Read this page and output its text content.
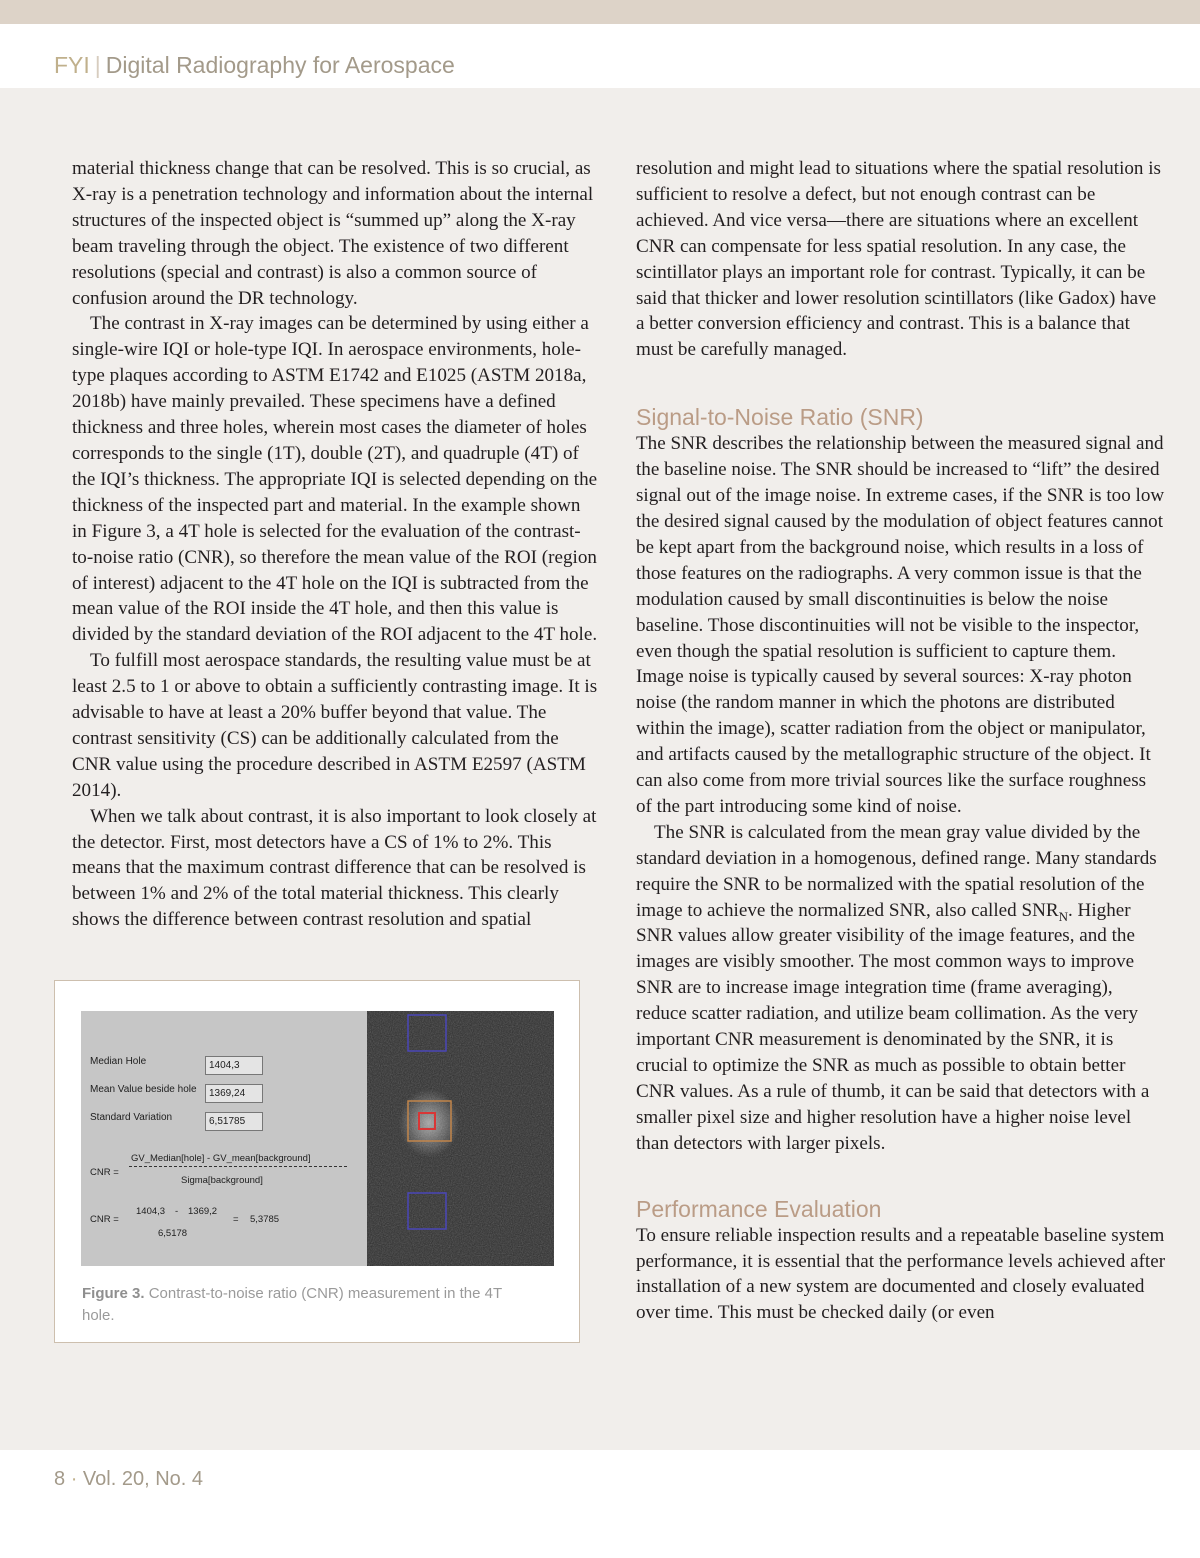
FYI | Digital Radiography for Aerospace

material thickness change that can be resolved. This is so crucial, as X-ray is a penetration technology and information about the internal structures of the inspected object is “summed up” along the X-ray beam traveling through the object. The existence of two different resolutions (special and contrast) is also a common source of confusion around the DR technology.

The contrast in X-ray images can be determined by using either a single-wire IQI or hole-type IQI. In aerospace environments, hole-type plaques according to ASTM E1742 and E1025 (ASTM 2018a, 2018b) have mainly prevailed. These specimens have a defined thickness and three holes, wherein most cases the diameter of holes corresponds to the single (1T), double (2T), and quadruple (4T) of the IQI’s thickness. The appropriate IQI is selected depending on the thickness of the inspected part and material. In the example shown in Figure 3, a 4T hole is selected for the evaluation of the contrast-to-noise ratio (CNR), so therefore the mean value of the ROI (region of interest) adjacent to the 4T hole on the IQI is subtracted from the mean value of the ROI inside the 4T hole, and then this value is divided by the standard deviation of the ROI adjacent to the 4T hole.

To fulfill most aerospace standards, the resulting value must be at least 2.5 to 1 or above to obtain a sufficiently contrasting image. It is advisable to have at least a 20% buffer beyond that value. The contrast sensitivity (CS) can be additionally calculated from the CNR value using the procedure described in ASTM E2597 (ASTM 2014).

When we talk about contrast, it is also important to look closely at the detector. First, most detectors have a CS of 1% to 2%. This means that the maximum contrast difference that can be resolved is between 1% and 2% of the total material thickness. This clearly shows the difference between contrast resolution and spatial

Median Hole	1404,3
Mean Value beside hole	1369,24
Standard Variation	6,51785
GV_Median[hole] - GV_mean[background]
CNR =
Sigma[background]
CNR =
1404,3 - 1369,2
6,5178
= 5,3785
Figure 3. Contrast-to-noise ratio (CNR) measurement in the 4T hole.

resolution and might lead to situations where the spatial resolution is sufficient to resolve a defect, but not enough contrast can be achieved. And vice versa—there are situations where an excellent CNR can compensate for less spatial resolution. In any case, the scintillator plays an important role for contrast. Typically, it can be said that thicker and lower resolution scintillators (like Gadox) have a better conversion efficiency and contrast. This is a balance that must be carefully managed.

Signal-to-Noise Ratio (SNR)

The SNR describes the relationship between the measured signal and the baseline noise. The SNR should be increased to “lift” the desired signal out of the image noise. In extreme cases, if the SNR is too low the desired signal caused by the modulation of object features cannot be kept apart from the background noise, which results in a loss of those features on the radiographs. A very common issue is that the modulation caused by small discontinuities is below the noise baseline. Those discontinuities will not be visible to the inspector, even though the spatial resolution is sufficient to capture them. Image noise is typically caused by several sources: X-ray photon noise (the random manner in which the photons are distributed within the image), scatter radiation from the object or manipulator, and artifacts caused by the metallographic structure of the object. It can also come from more trivial sources like the surface roughness of the part introducing some kind of noise.

The SNR is calculated from the mean gray value divided by the standard deviation in a homogenous, defined range. Many standards require the SNR to be normalized with the spatial resolution of the image to achieve the normalized SNR, also called $SNR_N$. Higher SNR values allow greater visibility of the image features, and the images are visibly smoother. The most common ways to improve SNR are to increase image integration time (frame averaging), reduce scatter radiation, and utilize beam collimation. As the very important CNR measurement is denominated by the SNR, it is crucial to optimize the SNR as much as possible to obtain better CNR values. As a rule of thumb, it can be said that detectors with a smaller pixel size and higher resolution have a higher noise level than detectors with larger pixels.

Performance Evaluation

To ensure reliable inspection results and a repeatable baseline system performance, it is essential that the performance levels achieved after installation of a new system are documented and closely evaluated over time. This must be checked daily (or even

8 · Vol. 20, No. 4
